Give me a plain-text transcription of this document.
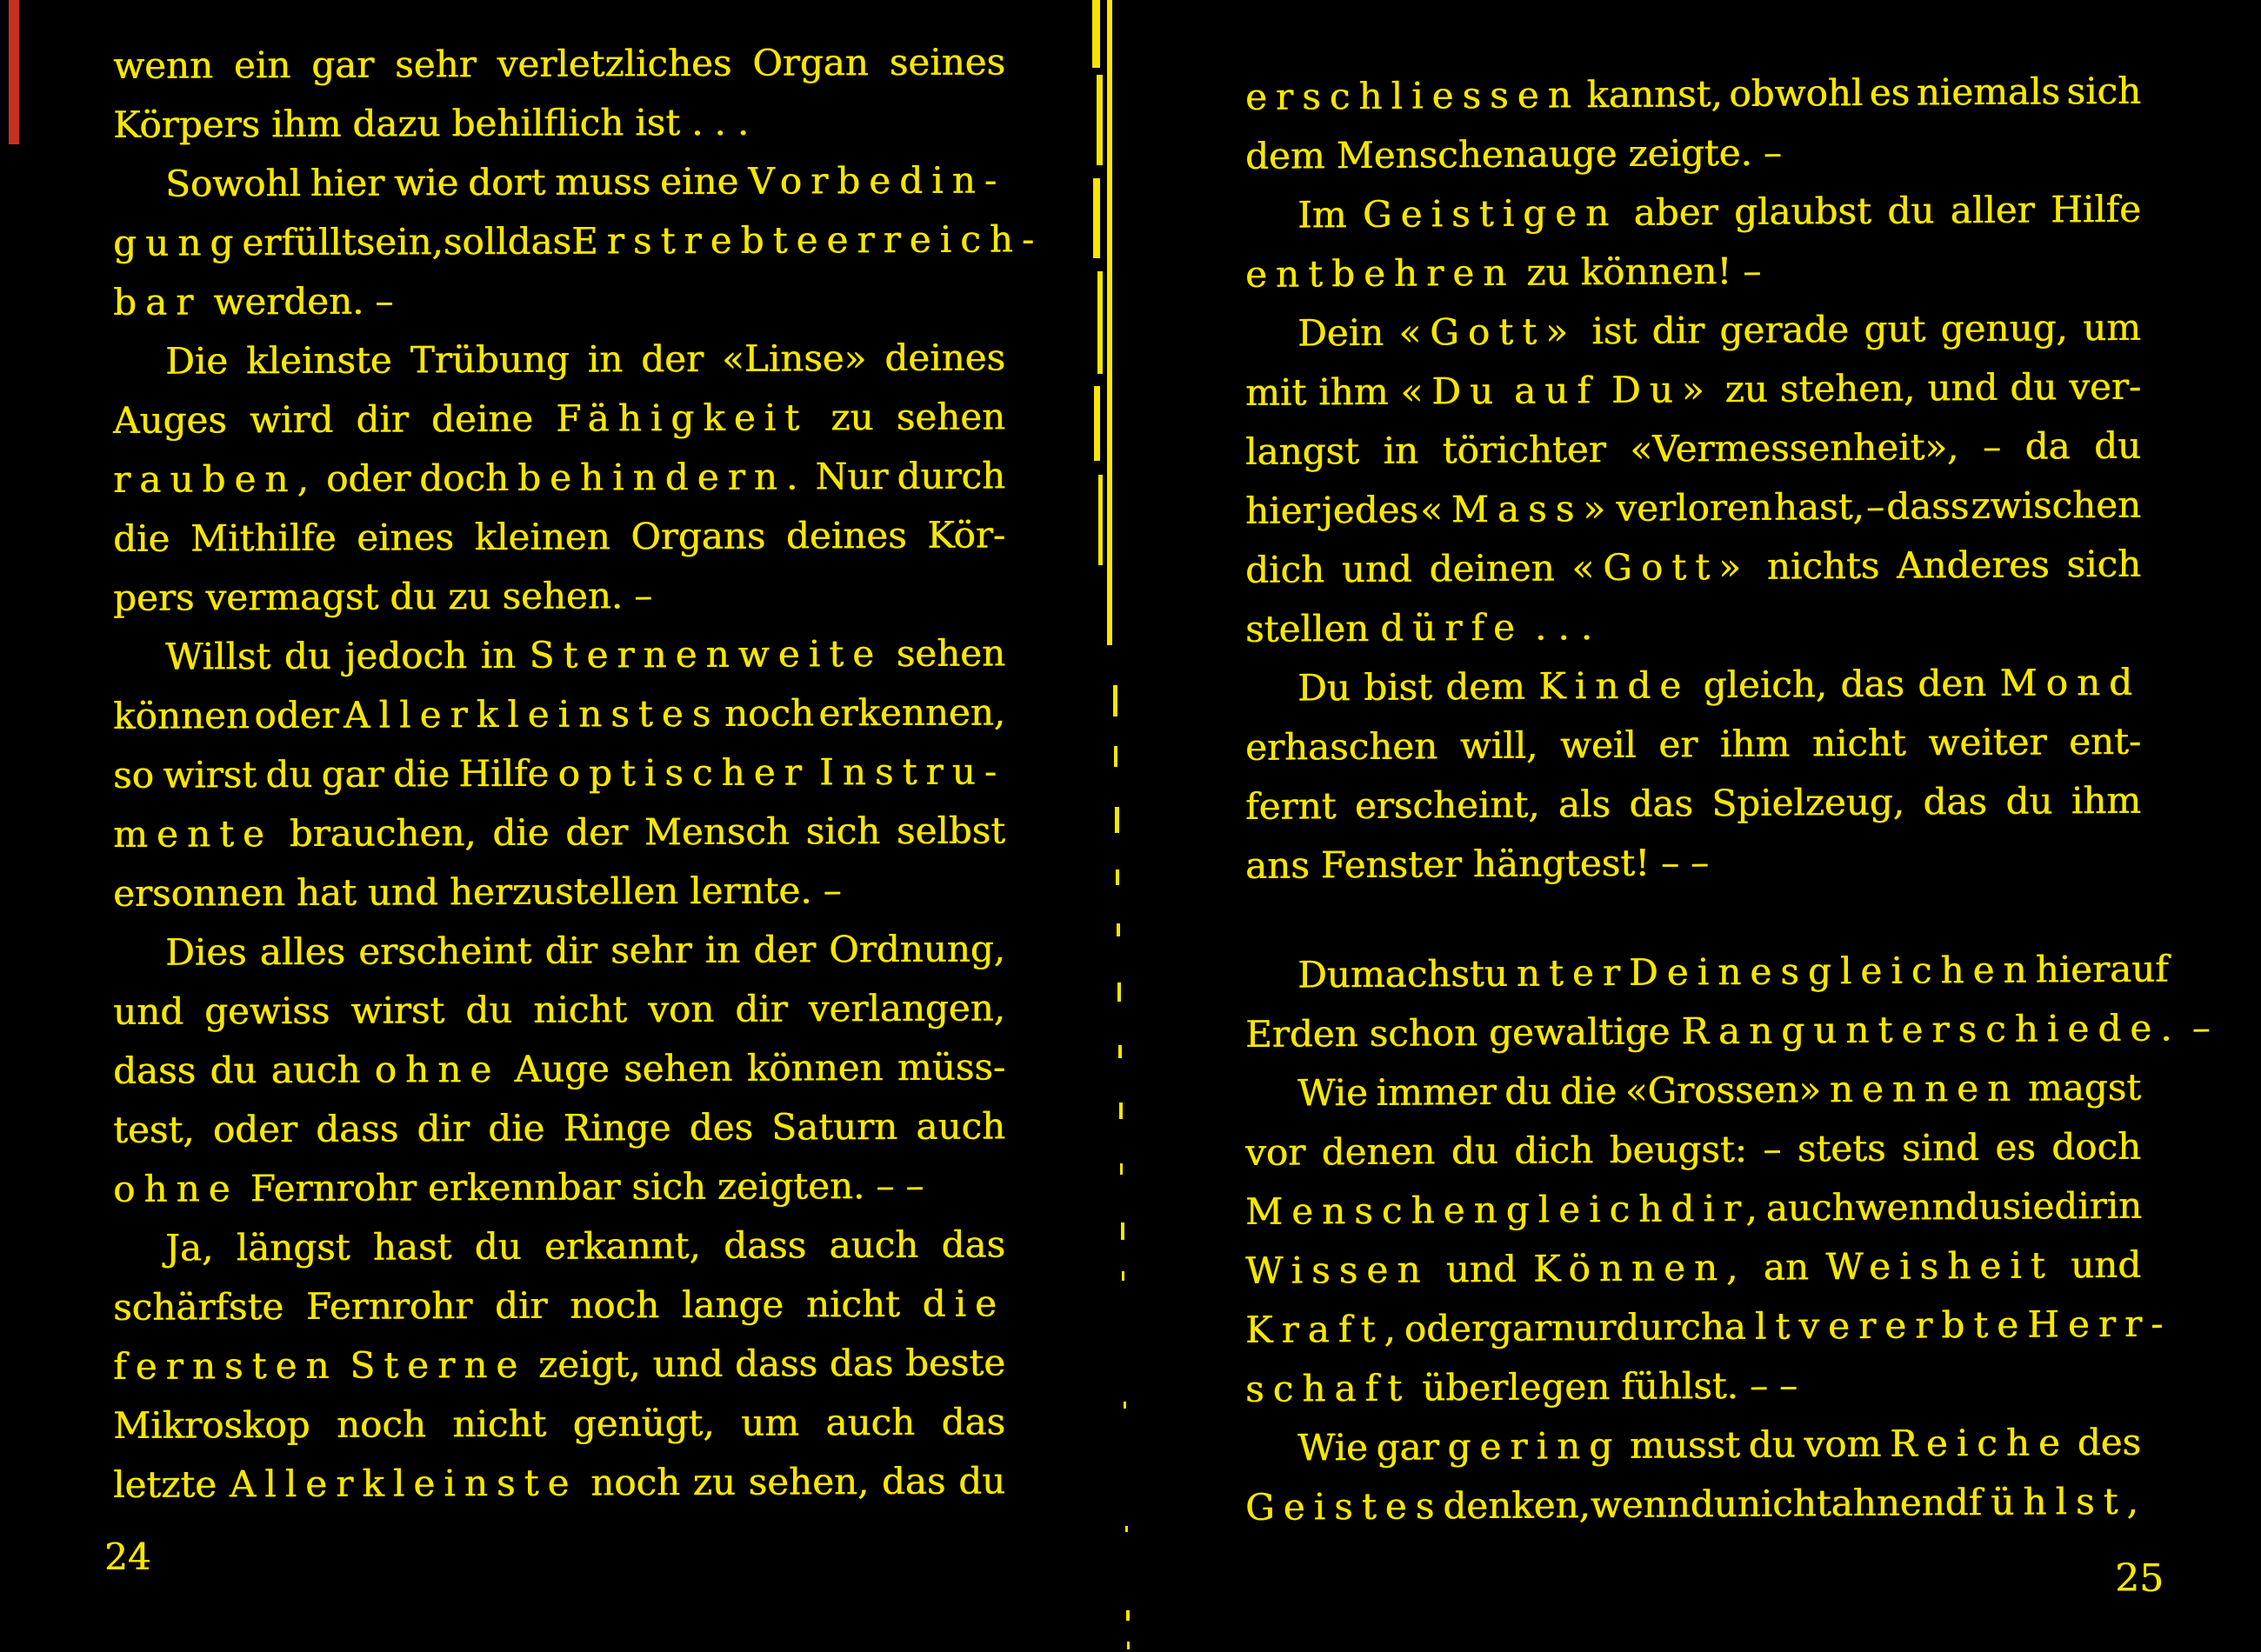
wenn ein gar sehr verletzliches Organ seines
Körpers ihm dazu behilflich ist . . .
Sowohl hier wie dort muss eine Vorbedin-
gung erfüllt sein, soll das Erstrebte erreich-
bar werden. –
Die kleinste Trübung in der «Linse» deines
Auges wird dir deine Fähigkeit zu sehen
rauben, oder doch behindern. Nur durch
die Mithilfe eines kleinen Organs deines Kör-
pers vermagst du zu sehen. –
Willst du jedoch in Sternenweite sehen
können oder Allerkleinstes noch erkennen,
so wirst du gar die Hilfe optischer Instru-
mente brauchen, die der Mensch sich selbst
ersonnen hat und herzustellen lernte. –
Dies alles erscheint dir sehr in der Ordnung,
und gewiss wirst du nicht von dir verlangen,
dass du auch ohne Auge sehen können müss-
test, oder dass dir die Ringe des Saturn auch
ohne Fernrohr erkennbar sich zeigten. – –
Ja, längst hast du erkannt, dass auch das
schärfste Fernrohr dir noch lange nicht die
fernsten Sterne zeigt, und dass das beste
Mikroskop noch nicht genügt, um auch das
letzte Allerkleinste noch zu sehen, das du
erschliessen kannst, obwohl es niemals sich
dem Menschenauge zeigte. –
Im Geistigen aber glaubst du aller Hilfe
entbehren zu können! –
Dein «Gott» ist dir gerade gut genug, um
mit ihm «Du auf Du» zu stehen, und du ver-
langst in törichter «Vermessenheit», – da du
hier jedes «Mass» verloren hast, – dass zwischen
dich und deinen «Gott» nichts Anderes sich
stellen dürfe . . .
Du bist dem Kinde gleich, das den Mond
erhaschen will, weil er ihm nicht weiter ent-
fernt erscheint, als das Spielzeug, das du ihm
ans Fenster hängtest! – –
Du machst unter Deinesgleichen hier auf
Erden schon gewaltige Rangunterschiede. –
Wie immer du die «Grossen» nennen magst
vor denen du dich beugst: – stets sind es doch
Menschen gleich dir, auch wenn du sie dir in
Wissen und Können, an Weisheit und
Kraft, oder gar nur durch altvererbte Herr-
schaft überlegen fühlst. – –
Wie gar gering musst du vom Reiche des
Geistes denken, wenn du nicht ahnend fühlst,
24	25
